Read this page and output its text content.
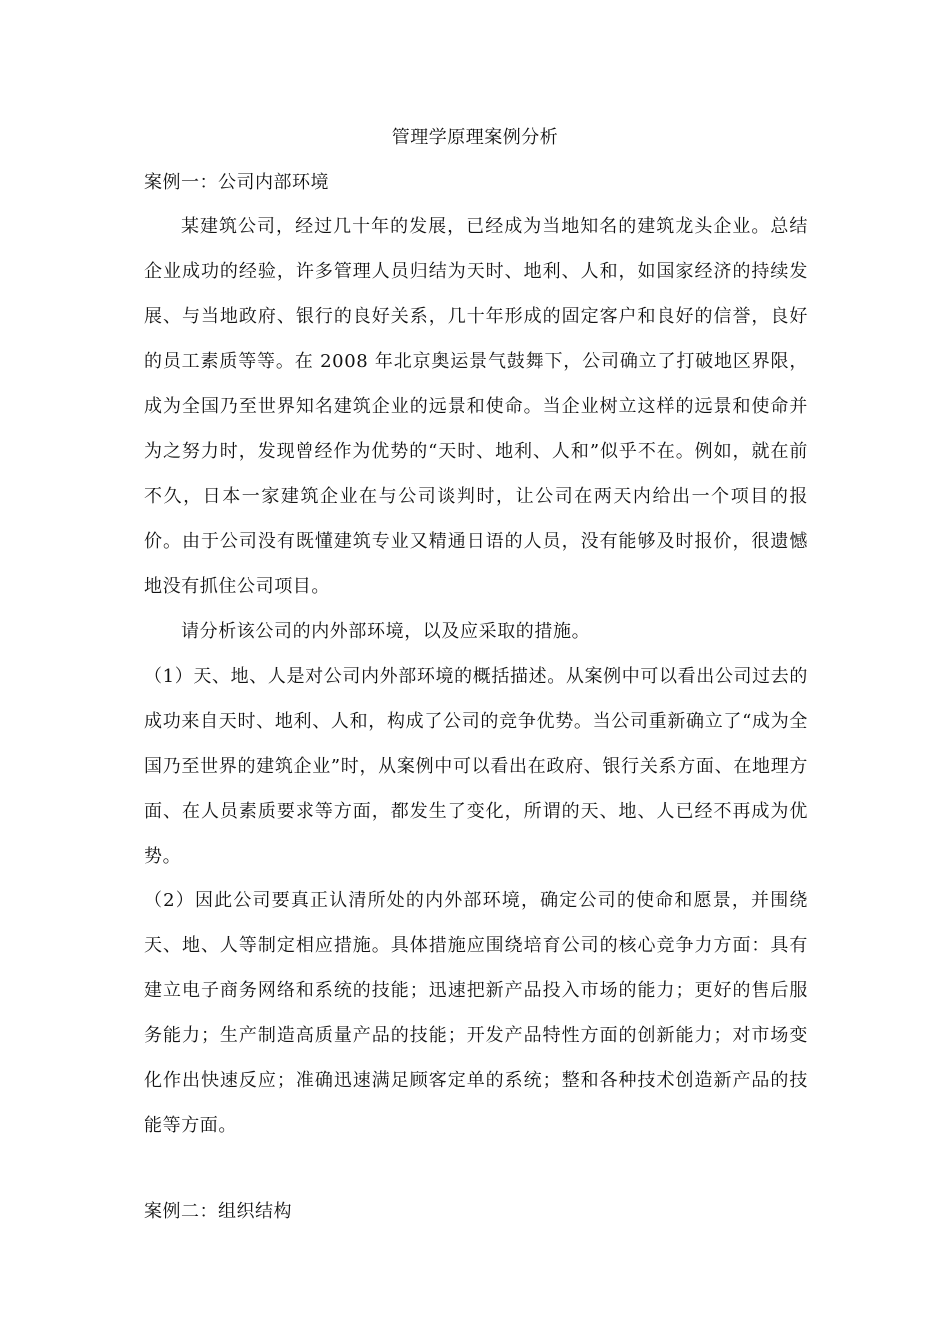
管理学原理案例分析
案例一：公司内部环境

某建筑公司，经过几十年的发展，已经成为当地知名的建筑龙头企业。总结企业成功的经验，许多管理人员归结为天时、地利、人和，如国家经济的持续发展、与当地政府、银行的良好关系，几十年形成的固定客户和良好的信誉，良好的员工素质等等。在 2008 年北京奥运景气鼓舞下，公司确立了打破地区界限，成为全国乃至世界知名建筑企业的远景和使命。当企业树立这样的远景和使命并为之努力时，发现曾经作为优势的“天时、地利、人和”似乎不在。例如，就在前不久，日本一家建筑企业在与公司谈判时，让公司在两天内给出一个项目的报价。由于公司没有既懂建筑专业又精通日语的人员，没有能够及时报价，很遗憾地没有抓住公司项目。

请分析该公司的内外部环境，以及应采取的措施。

（1）天、地、人是对公司内外部环境的概括描述。从案例中可以看出公司过去的成功来自天时、地利、人和，构成了公司的竞争优势。当公司重新确立了“成为全国乃至世界的建筑企业”时，从案例中可以看出在政府、银行关系方面、在地理方面、在人员素质要求等方面，都发生了变化，所谓的天、地、人已经不再成为优势。

（2）因此公司要真正认清所处的内外部环境，确定公司的使命和愿景，并围绕天、地、人等制定相应措施。具体措施应围绕培育公司的核心竞争力方面：具有建立电子商务网络和系统的技能；迅速把新产品投入市场的能力；更好的售后服务能力；生产制造高质量产品的技能；开发产品特性方面的创新能力；对市场变化作出快速反应；准确迅速满足顾客定单的系统；整和各种技术创造新产品的技能等方面。

案例二：组织结构
